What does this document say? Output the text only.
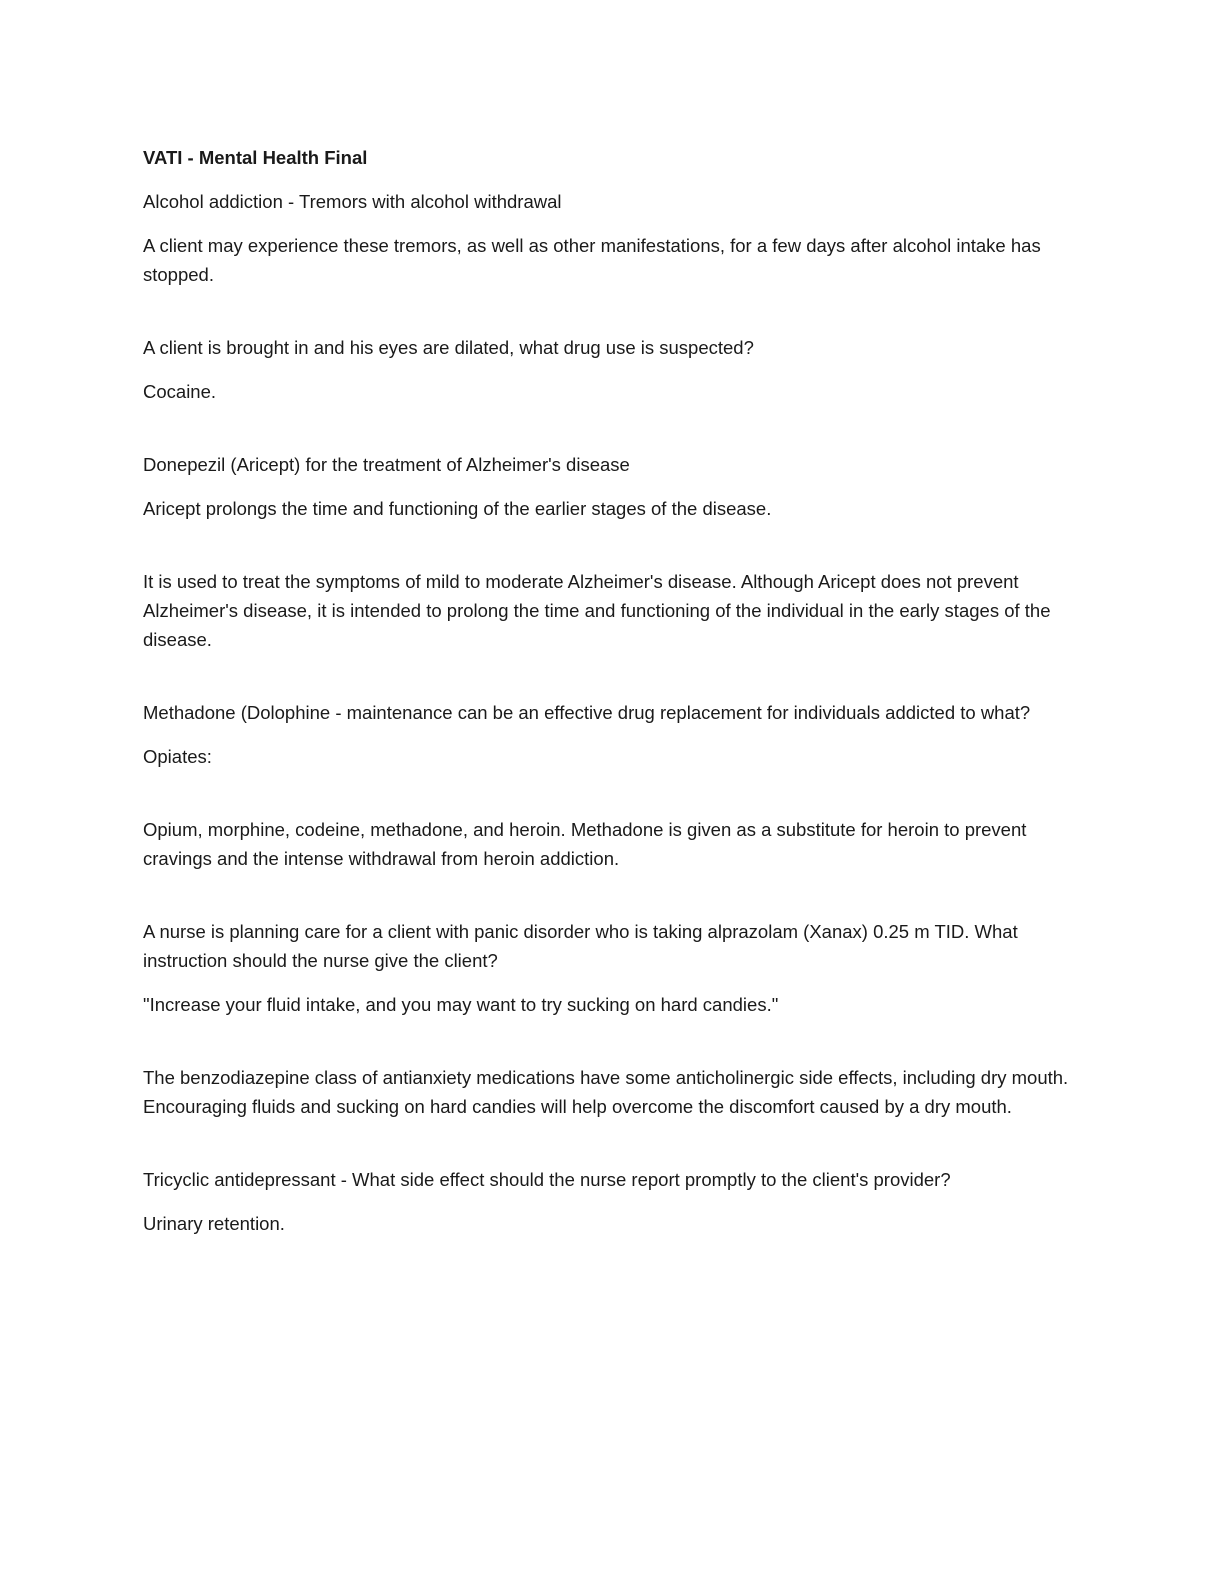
VATI - Mental Health Final

Alcohol addiction - Tremors with alcohol withdrawal

A client may experience these tremors, as well as other manifestations, for a few days after alcohol intake has stopped.

A client is brought in and his eyes are dilated, what drug use is suspected?

Cocaine.

Donepezil (Aricept) for the treatment of Alzheimer's disease

Aricept prolongs the time and functioning of the earlier stages of the disease.

It is used to treat the symptoms of mild to moderate Alzheimer's disease. Although Aricept does not prevent Alzheimer's disease, it is intended to prolong the time and functioning of the individual in the early stages of the disease.

Methadone (Dolophine - maintenance can be an effective drug replacement for individuals addicted to what?

Opiates:

Opium, morphine, codeine, methadone, and heroin. Methadone is given as a substitute for heroin to prevent cravings and the intense withdrawal from heroin addiction.

A nurse is planning care for a client with panic disorder who is taking alprazolam (Xanax) 0.25 m TID. What instruction should the nurse give the client?

"Increase your fluid intake, and you may want to try sucking on hard candies."

The benzodiazepine class of antianxiety medications have some anticholinergic side effects, including dry mouth. Encouraging fluids and sucking on hard candies will help overcome the discomfort caused by a dry mouth.

Tricyclic antidepressant - What side effect should the nurse report promptly to the client's provider?

Urinary retention.
